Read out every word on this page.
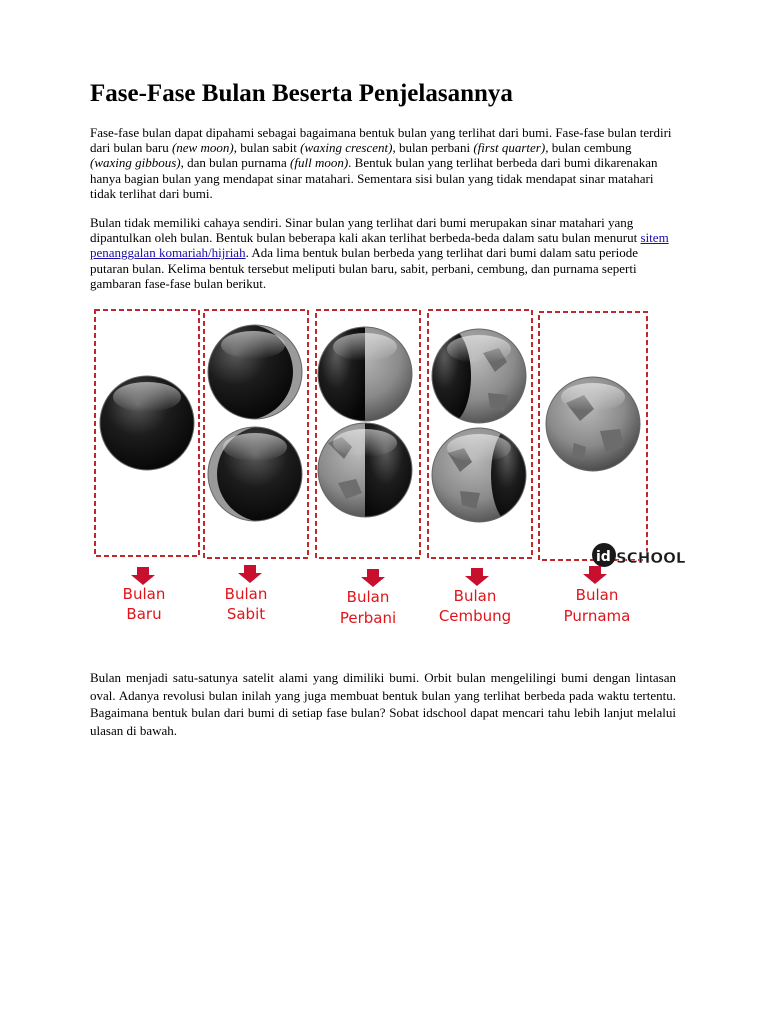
Fase-Fase Bulan Beserta Penjelasannya

Fase-fase bulan dapat dipahami sebagai bagaimana bentuk bulan yang terlihat dari bumi. Fase-fase bulan terdiri dari bulan baru (new moon), bulan sabit (waxing crescent), bulan perbani (first quarter), bulan cembung (waxing gibbous), dan bulan purnama (full moon). Bentuk bulan yang terlihat berbeda dari bumi dikarenakan hanya bagian bulan yang mendapat sinar matahari. Sementara sisi bulan yang tidak mendapat sinar matahari tidak terlihat dari bumi.

Bulan tidak memiliki cahaya sendiri. Sinar bulan yang terlihat dari bumi merupakan sinar matahari yang dipantulkan oleh bulan. Bentuk bulan beberapa kali akan terlihat berbeda-beda dalam satu bulan menurut sitem penanggalan komariah/hijriah. Ada lima bentuk bulan berbeda yang terlihat dari bumi dalam satu periode putaran bulan. Kelima bentuk tersebut meliputi bulan baru, sabit, perbani, cembung, dan purnama seperti gambaran fase-fase bulan berikut.

id SCHOOL
Bulan
Baru
Bulan
Sabit
Bulan
Perbani
Bulan
Cembung
Bulan
Purnama

Bulan menjadi satu-satunya satelit alami yang dimiliki bumi. Orbit bulan mengelilingi bumi dengan lintasan oval. Adanya revolusi bulan inilah yang juga membuat bentuk bulan yang terlihat berbeda pada waktu tertentu. Bagaimana bentuk bulan dari bumi di setiap fase bulan? Sobat idschool dapat mencari tahu lebih lanjut melalui ulasan di bawah.
